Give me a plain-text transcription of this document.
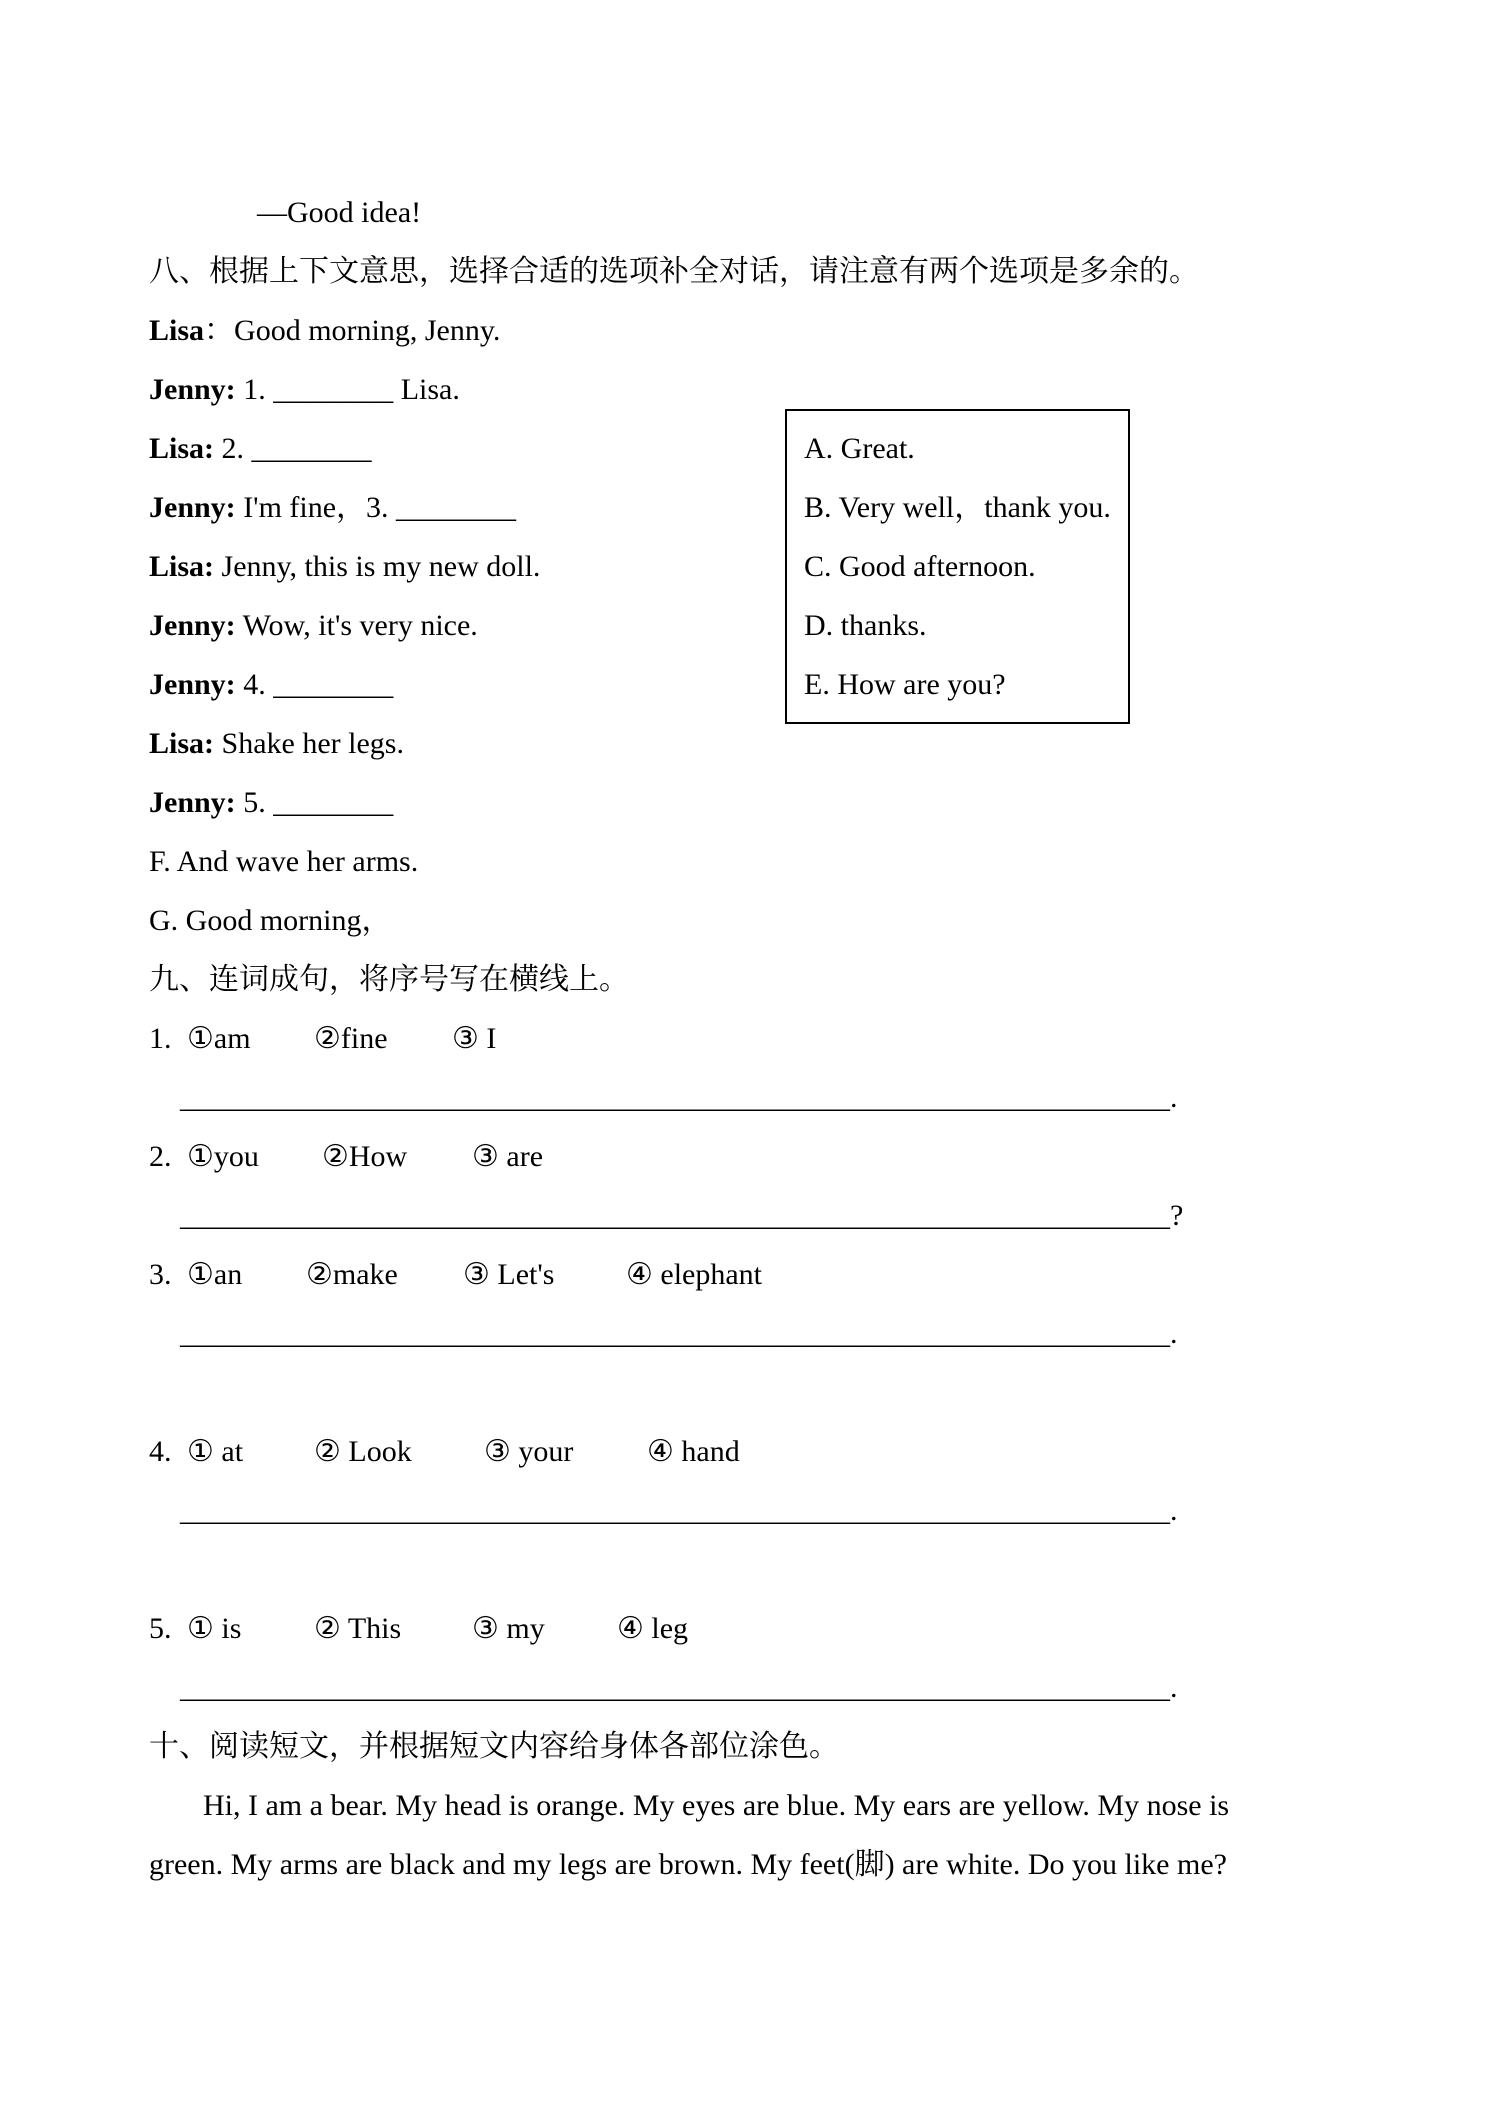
—Good idea!
八、根据上下文意思，选择合适的选项补全对话，请注意有两个选项是多余的。
Lisa：Good morning, Jenny.
Jenny: 1. ________ Lisa.
Lisa: 2. ________
Jenny: I'm fine，3. ________
Lisa: Jenny, this is my new doll.
Jenny: Wow, it's very nice.
Jenny: 4. ________
Lisa: Shake her legs.
Jenny: 5. ________
F. And wave her arms.
G. Good morning，
九、连词成句，将序号写在横线上。
1. ①am ②fine ③ I
__________________________________________________________________.
2. ①you ②How ③ are
__________________________________________________________________?
3. ①an ②make ③ Let's ④ elephant
__________________________________________________________________.
4. ① at ② Look ③ your ④ hand
__________________________________________________________________.
5. ① is ② This ③ my ④ leg
__________________________________________________________________.
十、阅读短文，并根据短文内容给身体各部位涂色。
Hi, I am a bear. My head is orange. My eyes are blue. My ears are yellow. My nose is green. My arms are black and my legs are brown. My feet(脚) are white. Do you like me?
A. Great.
B. Very well，thank you.
C. Good afternoon.
D. thanks.
E. How are you?
